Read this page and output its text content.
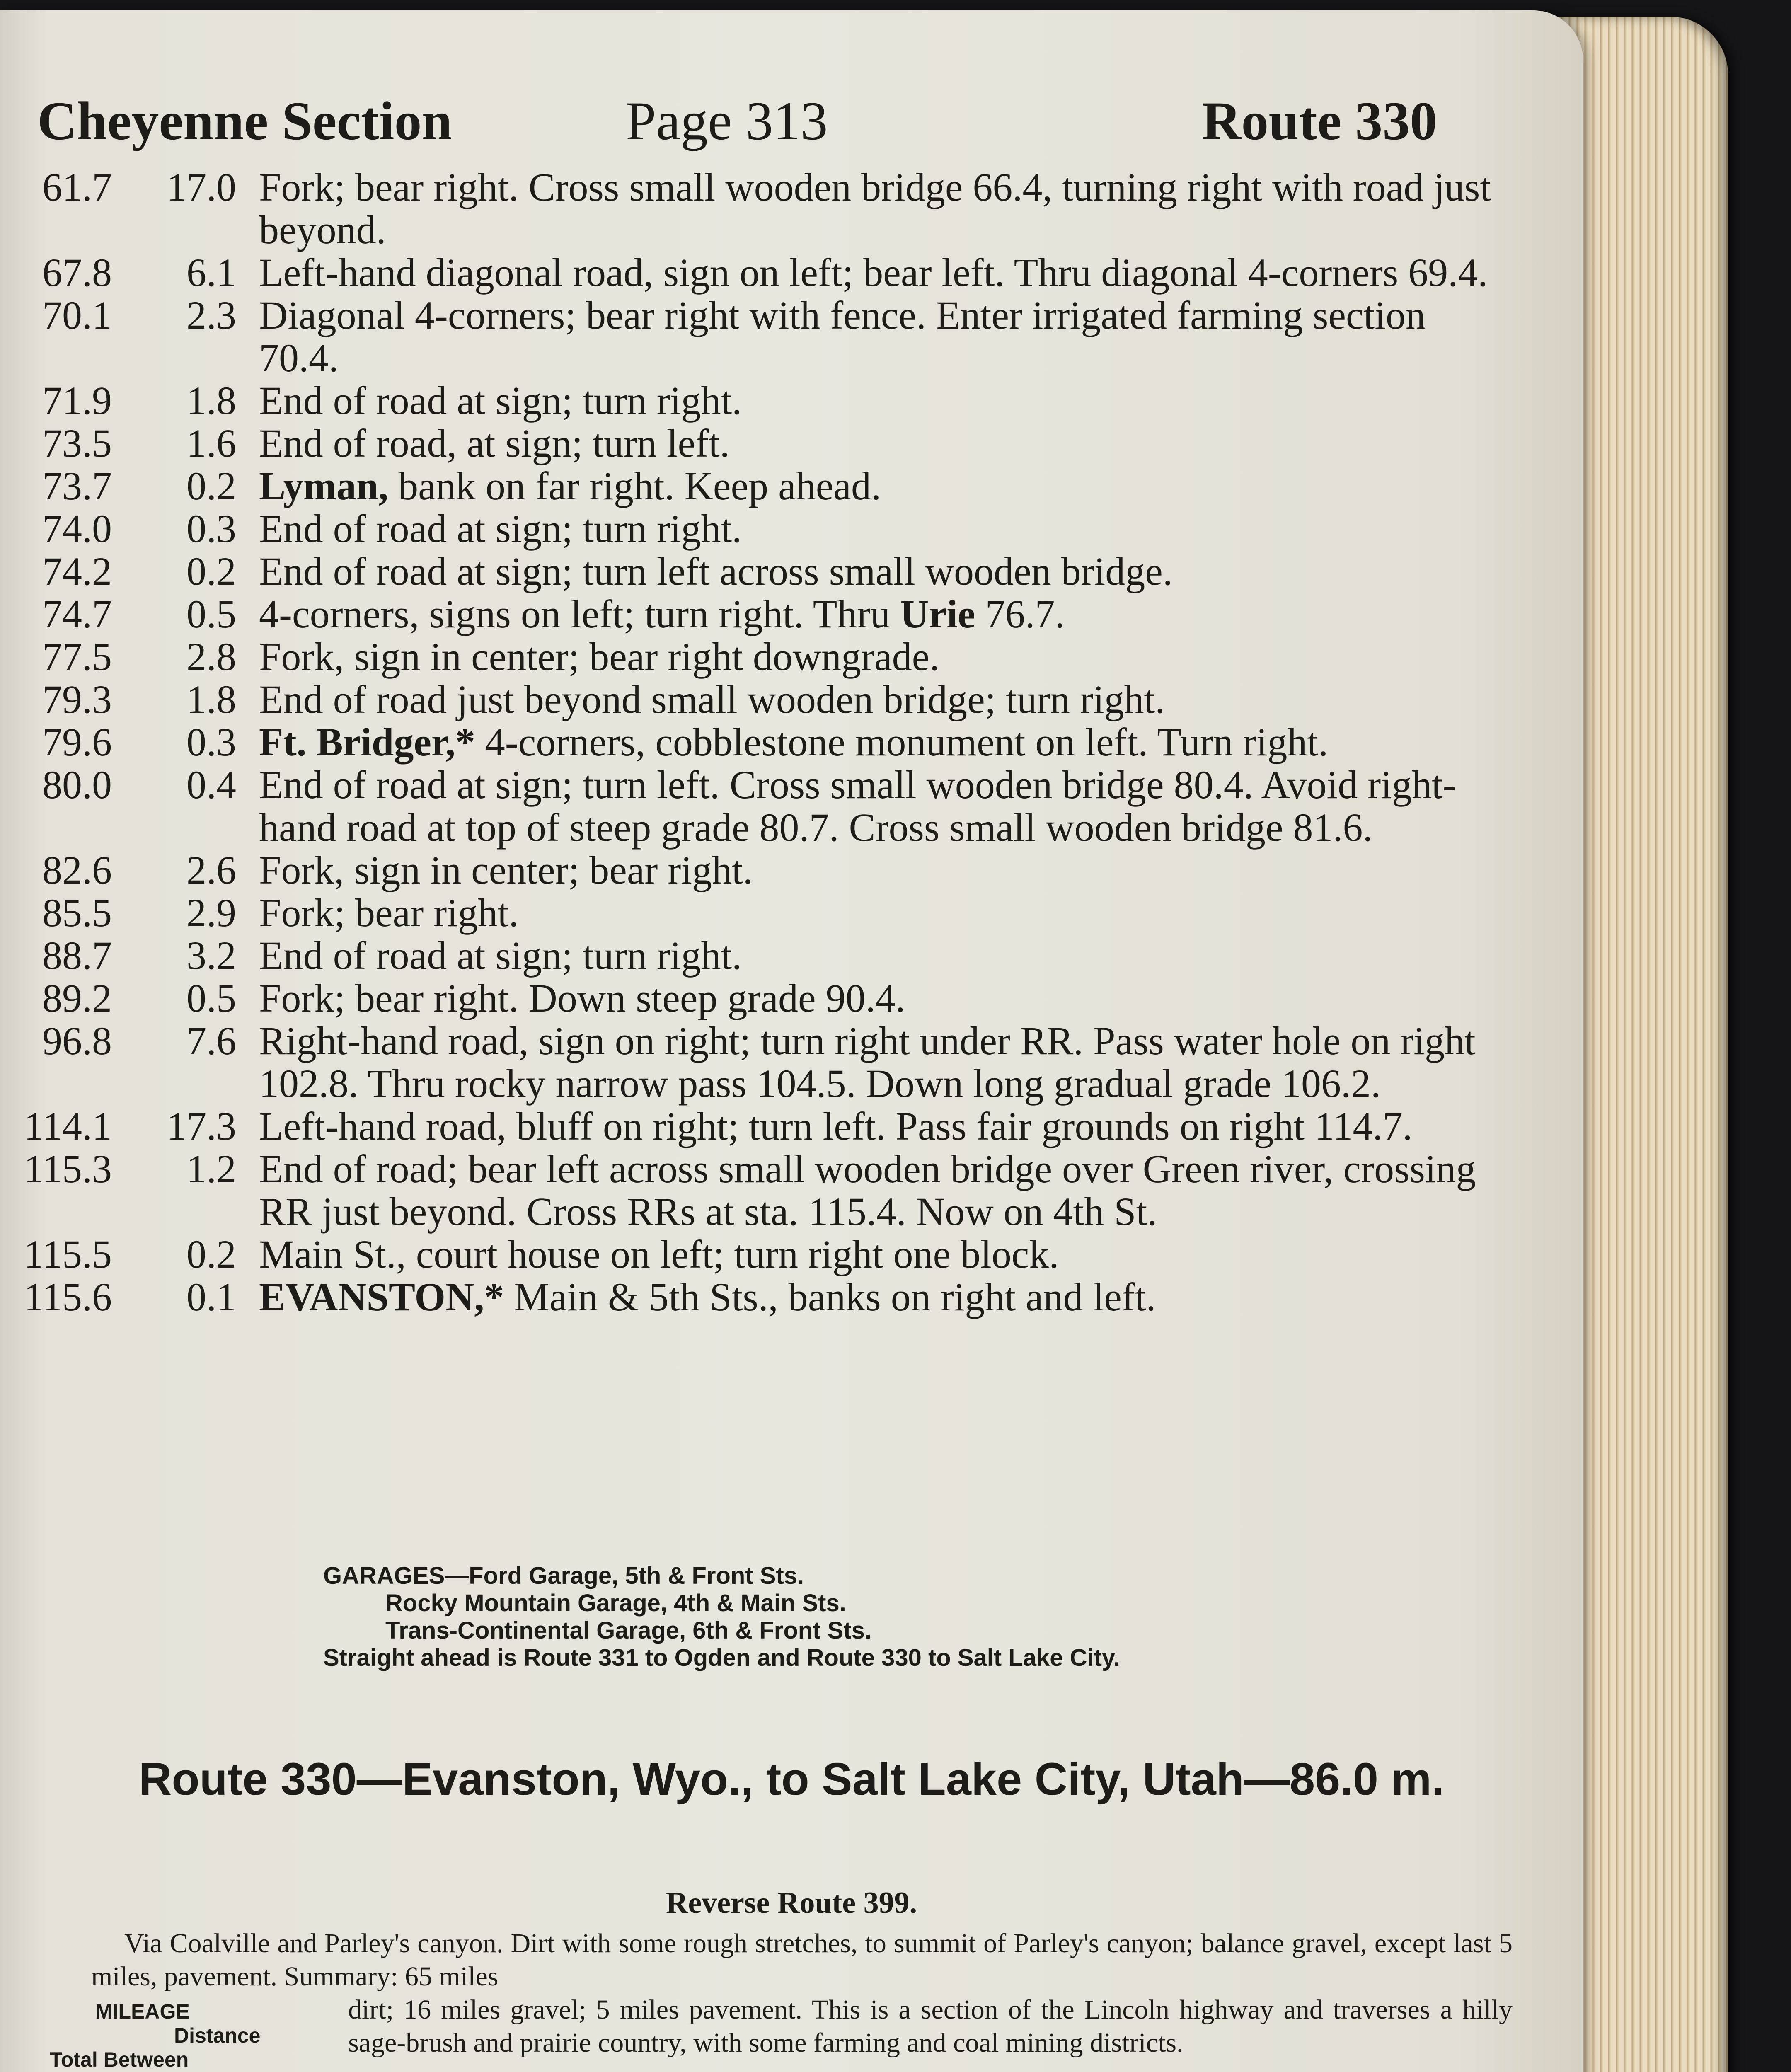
Cheyenne Section	Page 313	Route 330
61.7	17.0 Fork; bear right. Cross small wooden bridge 66.4, turning right with road just beyond.
67.8	6.1 Left-hand diagonal road, sign on left; bear left. Thru diagonal 4-corners 69.4.
70.1	2.3 Diagonal 4-corners; bear right with fence. Enter irrigated farming section 70.4.
71.9	1.8 End of road at sign; turn right.
73.5	1.6 End of road, at sign; turn left.
73.7	0.2 Lyman, bank on far right. Keep ahead.
74.0	0.3 End of road at sign; turn right.
74.2	0.2 End of road at sign; turn left across small wooden bridge.
74.7	0.5 4-corners, signs on left; turn right. Thru Urie 76.7.
77.5	2.8 Fork, sign in center; bear right downgrade.
79.3	1.8 End of road just beyond small wooden bridge; turn right.
79.6	0.3 Ft. Bridger,* 4-corners, cobblestone monument on left. Turn right.
80.0	0.4 End of road at sign; turn left. Cross small wooden bridge 80.4. Avoid right-hand road at top of steep grade 80.7. Cross small wooden bridge 81.6.
82.6	2.6 Fork, sign in center; bear right.
85.5	2.9 Fork; bear right.
88.7	3.2 End of road at sign; turn right.
89.2	0.5 Fork; bear right. Down steep grade 90.4.
96.8	7.6 Right-hand road, sign on right; turn right under RR. Pass water hole on right 102.8. Thru rocky narrow pass 104.5. Down long gradual grade 106.2.
114.1	17.3 Left-hand road, bluff on right; turn left. Pass fair grounds on right 114.7.
115.3	1.2 End of road; bear left across small wooden bridge over Green river, crossing RR just beyond. Cross RRs at sta. 115.4. Now on 4th St.
115.5	0.2 Main St., court house on left; turn right one block.
115.6	0.1 EVANSTON,* Main & 5th Sts., banks on right and left.
GARAGES—Ford Garage, 5th & Front Sts.
Rocky Mountain Garage, 4th & Main Sts.
Trans-Continental Garage, 6th & Front Sts.
Straight ahead is Route 331 to Ogden and Route 330 to Salt Lake City.
Route 330—Evanston, Wyo., to Salt Lake City, Utah—86.0 m.
Reverse Route 399.
Via Coalville and Parley's canyon. Dirt with some rough stretches, to summit of Parley's canyon; balance gravel, except last 5 miles, pavement. Summary: 65 miles
dirt; 16 miles gravel; 5 miles pavement. This is a section of the Lincoln highway and traverses a hilly sage-brush and prairie country, with some farming and coal mining districts.
MILEAGE
Distance
Total Between
